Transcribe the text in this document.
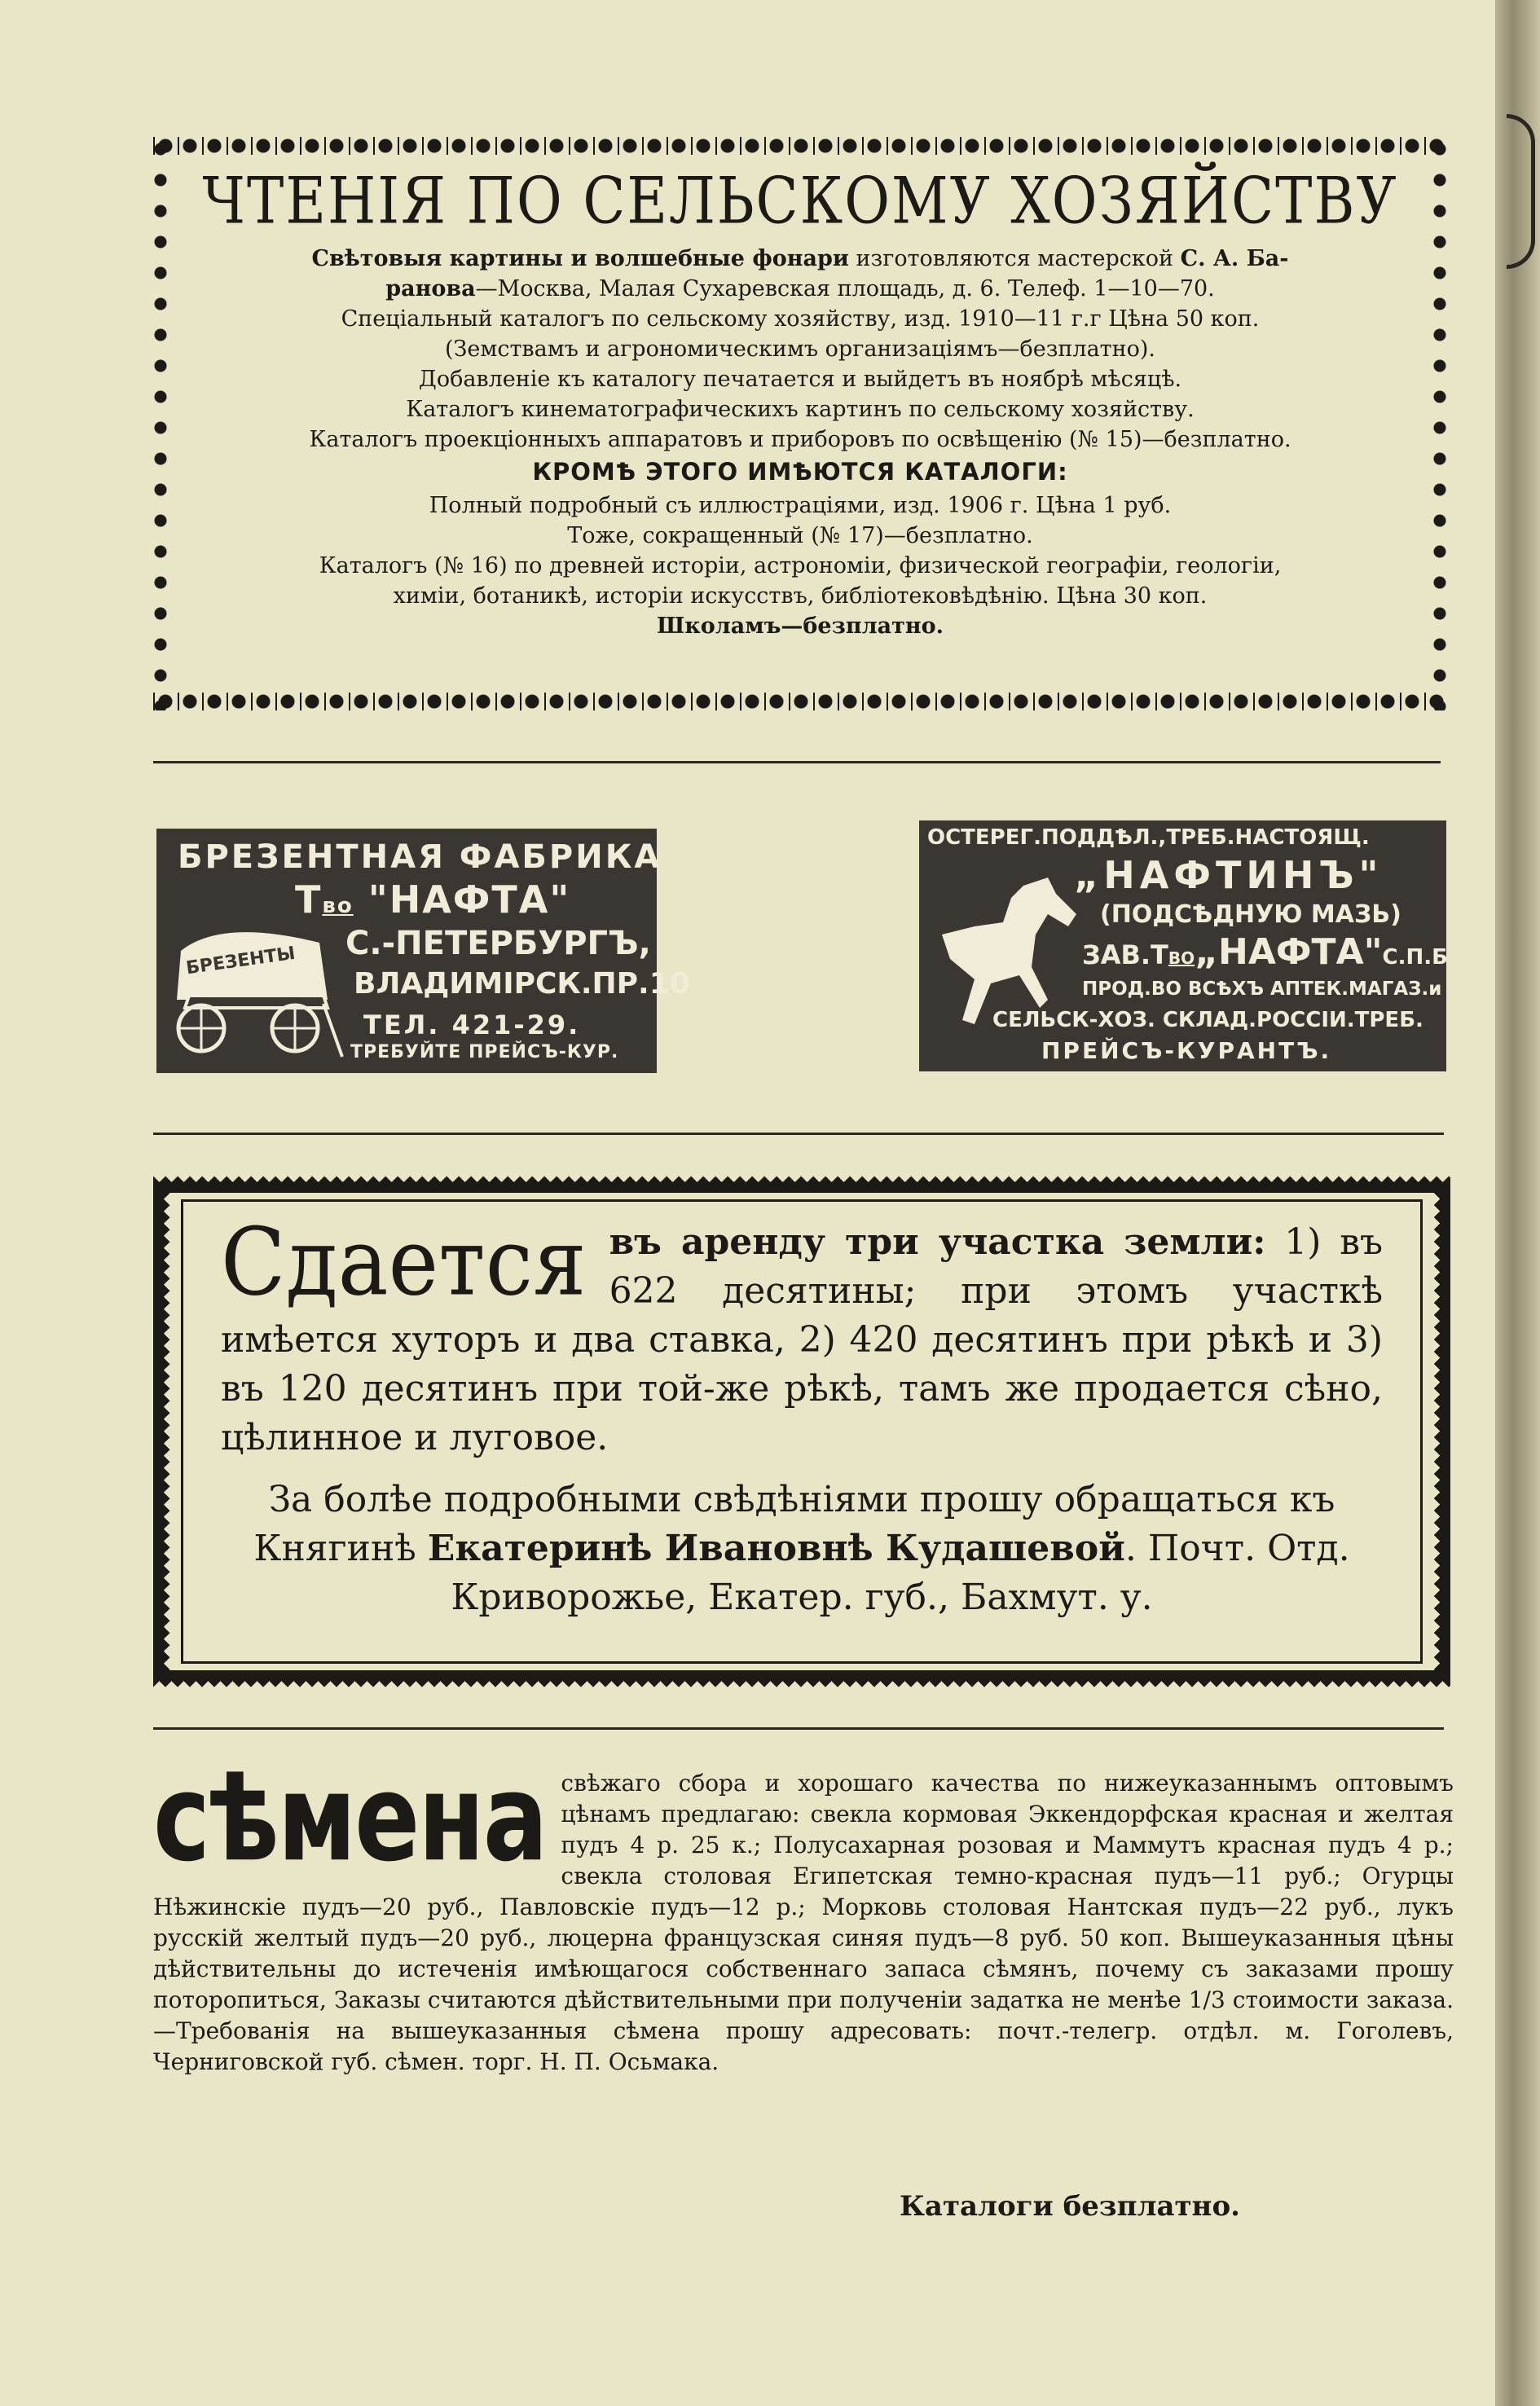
ЧТЕНІЯ ПО СЕЛЬСКОМУ ХОЗЯЙСТВУ
Свѣтовыя картины и волшебные фонари изготовляются мастерской С. А. Ба-
ранова—Москва, Малая Сухаревская площадь, д. 6. Телеф. 1—10—70.
Спеціальный каталогъ по сельскому хозяйству, изд. 1910—11 г.г Цѣна 50 коп.
(Земствамъ и агрономическимъ организаціямъ—безплатно).
Добавленіе къ каталогу печатается и выйдетъ въ ноябрѣ мѣсяцѣ.
Каталогъ кинематографическихъ картинъ по сельскому хозяйству.
Каталогъ проекціонныхъ аппаратовъ и приборовъ по освѣщенію (№ 15)—безплатно.
КРОМѢ ЭТОГО ИМѢЮТСЯ КАТАЛОГИ:
Полный подробный съ иллюстраціями, изд. 1906 г. Цѣна 1 руб.
Тоже, сокращенный (№ 17)—безплатно.
Каталогъ (№ 16) по древней исторіи, астрономіи, физической географіи, геологіи,
химіи, ботаникѣ, исторіи искусствъ, библіотековѣдѣнію. Цѣна 30 коп.
Школамъ—безплатно.
БРЕЗЕНТНАЯ ФАБРИКА
Тво "НАФТА"
С.-ПЕТЕРБУРГЪ,
ВЛАДИМІРСК.ПР.10
ТЕЛ. 421-29.
ТРЕБУЙТЕ ПРЕЙСЪ-КУР.
БРЕЗЕНТЫ
ОСТЕРЕГ.ПОДДѢЛ.,ТРЕБ.НАСТОЯЩ.
„НАФТИНЪ"
(ПОДСѢДНУЮ МАЗЬ)
ЗАВ.ТВО„НАФТА"С.П.Б
ПРОД.ВО ВСѢХЪ АПТЕК.МАГАЗ.и
СЕЛЬСК-ХОЗ. СКЛАД.РОССІИ.ТРЕБ.
ПРЕЙСЪ-КУРАНТЪ.
Сдается въ аренду три участка земли: 1) въ 622 десятины; при этомъ участкѣ имѣется хуторъ и два ставка, 2) 420 десятинъ при рѣкѣ и 3) въ 120 десятинъ при той-же рѣкѣ, тамъ же продается сѣно, цѣлинное и луговое.

За болѣе подробными свѣдѣніями прошу обращаться къ Княгинѣ Екатеринѣ Ивановнѣ Кудашевой. Почт. Отд. Криворожье, Екатер. губ., Бахмут. у.

сѣмена свѣжаго сбора и хорошаго качества по нижеуказаннымъ оптовымъ цѣнамъ предлагаю: свекла кормовая Эккендорфская красная и желтая пудъ 4 р. 25 к.; Полусахарная розовая и Маммутъ красная пудъ 4 р.; свекла столовая Египетская темно-красная пудъ—11 руб.; Огурцы Нѣжинскіе пудъ—20 руб., Павловскіе пудъ—12 р.; Морковь столовая Нантская пудъ—22 руб., лукъ русскій желтый пудъ—20 руб., люцерна французская синяя пудъ—8 руб. 50 коп. Вышеуказанныя цѣны дѣйствительны до истеченія имѣющагося собственнаго запаса сѣмянъ, почему съ заказами прошу поторопиться, Заказы считаются дѣйствительными при полученіи задатка не менѣе 1/3 стоимости заказа.—Требованія на вышеуказанныя сѣмена прошу адресовать: почт.-телегр. отдѣл. м. Гоголевъ, Черниговской губ. сѣмен. торг. Н. П. Осьмака.

Каталоги безплатно.
